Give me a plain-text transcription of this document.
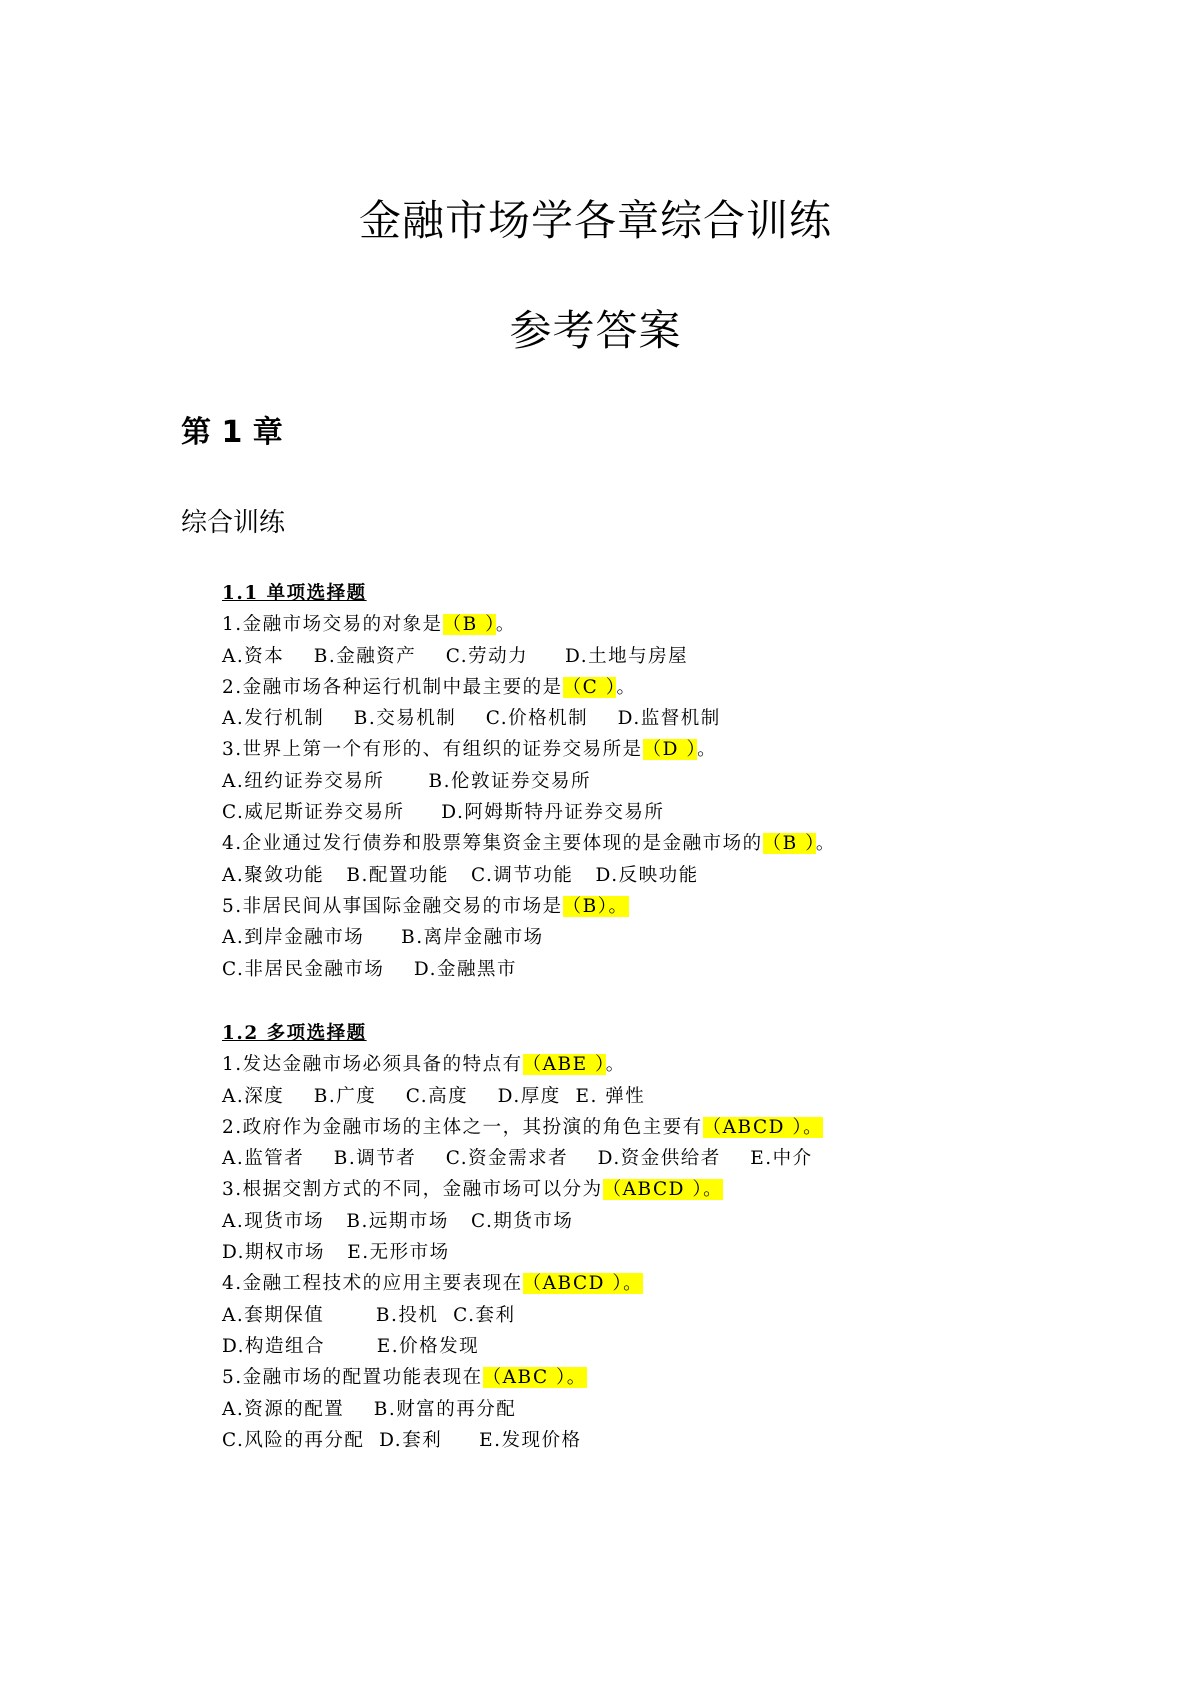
金融市场学各章综合训练
参考答案
第 1 章
综合训练
1.1 单项选择题
1.金融市场交易的对象是（B ）。
A.资本    B.金融资产    C.劳动力     D.土地与房屋
2.金融市场各种运行机制中最主要的是（C ）。
A.发行机制    B.交易机制    C.价格机制    D.监督机制
3.世界上第一个有形的、有组织的证券交易所是（D ）。
A.纽约证券交易所      B.伦敦证券交易所
C.威尼斯证券交易所     D.阿姆斯特丹证券交易所
4.企业通过发行债券和股票筹集资金主要体现的是金融市场的（B ）。
A.聚敛功能   B.配置功能   C.调节功能   D.反映功能
5.非居民间从事国际金融交易的市场是（B）。
A.到岸金融市场     B.离岸金融市场
C.非居民金融市场    D.金融黑市
1.2 多项选择题
1.发达金融市场必须具备的特点有（ABE ）。
A.深度    B.广度    C.高度    D.厚度  E. 弹性
2.政府作为金融市场的主体之一，其扮演的角色主要有（ABCD ）。
A.监管者    B.调节者    C.资金需求者    D.资金供给者    E.中介
3.根据交割方式的不同，金融市场可以分为（ABCD ）。
A.现货市场   B.远期市场   C.期货市场
D.期权市场   E.无形市场
4.金融工程技术的应用主要表现在（ABCD ）。
A.套期保值       B.投机  C.套利
D.构造组合       E.价格发现
5.金融市场的配置功能表现在（ABC ）。
A.资源的配置    B.财富的再分配
C.风险的再分配  D.套利     E.发现价格
